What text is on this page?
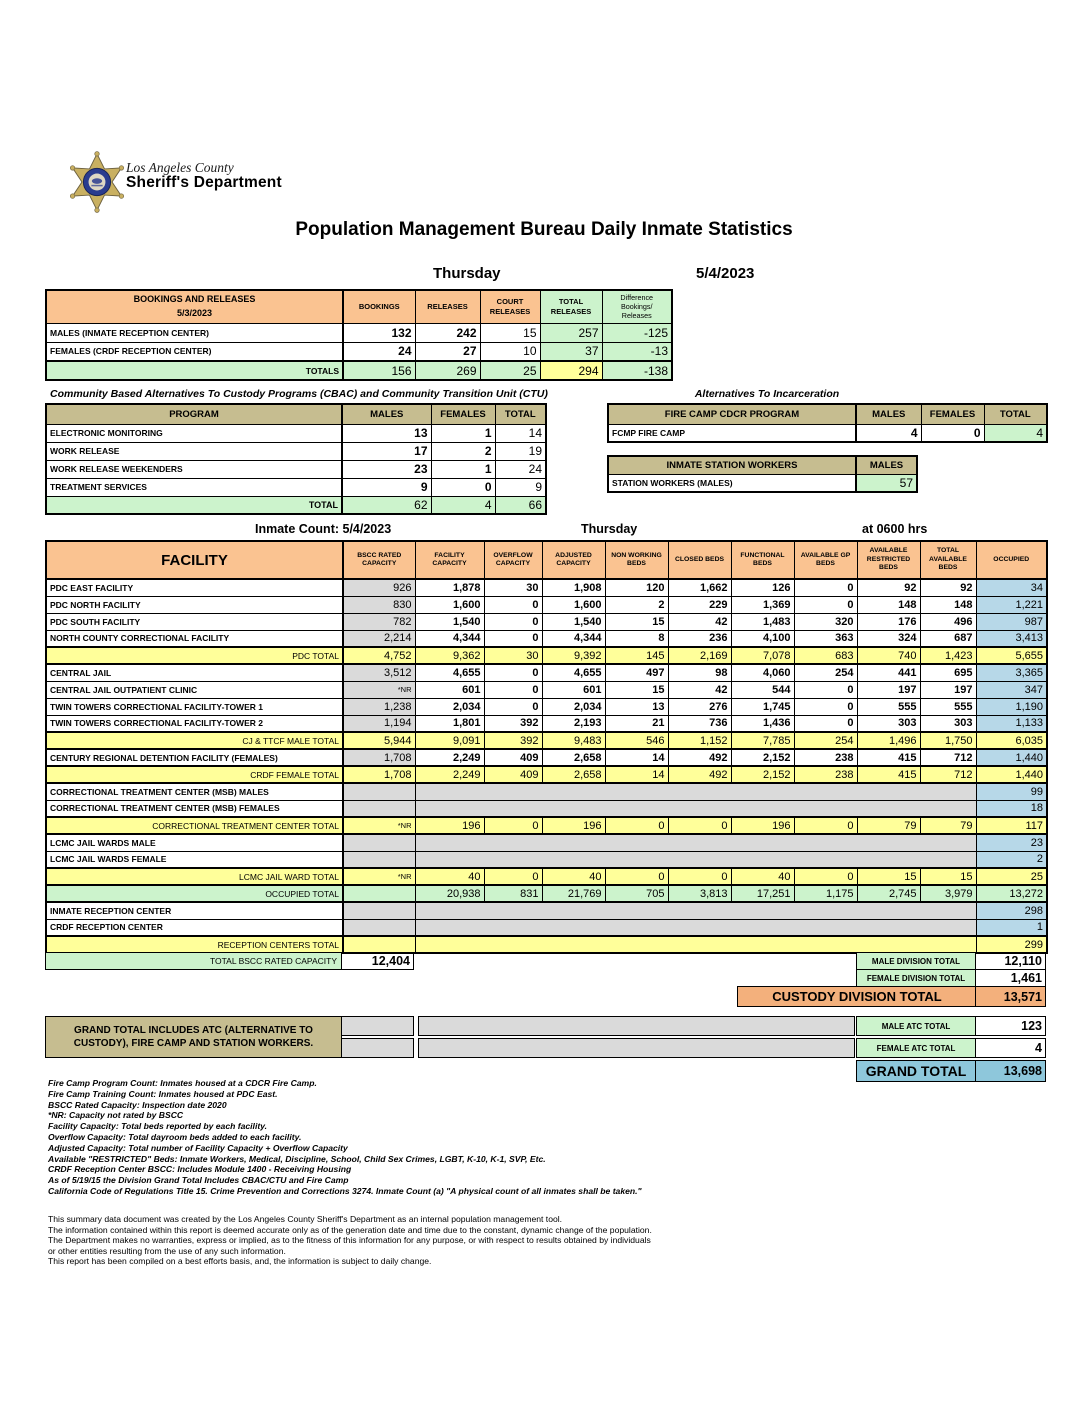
Los Angeles County
Sheriff's Department
Population Management Bureau Daily Inmate Statistics
Thursday	5/4/2023
BOOKINGS AND RELEASES
5/3/2023	BOOKINGS	RELEASES	COURT RELEASES	TOTAL RELEASES	Difference Bookings/ Releases
MALES (INMATE RECEPTION CENTER)	132	242	15	257	-125
FEMALES (CRDF RECEPTION CENTER)	24	27	10	37	-13
TOTALS	156	269	25	294	-138
Community Based Alternatives To Custody Programs (CBAC) and Community Transition Unit (CTU)
PROGRAM	MALES	FEMALES	TOTAL
ELECTRONIC MONITORING	13	1	14
WORK RELEASE	17	2	19
WORK RELEASE WEEKENDERS	23	1	24
TREATMENT SERVICES	9	0	9
TOTAL	62	4	66
Alternatives To Incarceration
FIRE CAMP CDCR PROGRAM	MALES	FEMALES	TOTAL
FCMP FIRE CAMP	4	0	4
INMATE STATION WORKERS	MALES
STATION WORKERS (MALES)	57
Inmate Count: 5/4/2023	Thursday	at 0600 hrs
FACILITY	BSCC RATED CAPACITY	FACILITY CAPACITY	OVERFLOW CAPACITY	ADJUSTED CAPACITY	NON WORKING BEDS	CLOSED BEDS	FUNCTIONAL BEDS	AVAILABLE GP BEDS	AVAILABLE RESTRICTED BEDS	TOTAL AVAILABLE BEDS	OCCUPIED
PDC EAST FACILITY	926	1,878	30	1,908	120	1,662	126	0	92	92	34
PDC NORTH FACILITY	830	1,600	0	1,600	2	229	1,369	0	148	148	1,221
PDC SOUTH FACILITY	782	1,540	0	1,540	15	42	1,483	320	176	496	987
NORTH COUNTY CORRECTIONAL FACILITY	2,214	4,344	0	4,344	8	236	4,100	363	324	687	3,413
PDC TOTAL	4,752	9,362	30	9,392	145	2,169	7,078	683	740	1,423	5,655
CENTRAL JAIL	3,512	4,655	0	4,655	497	98	4,060	254	441	695	3,365
CENTRAL JAIL OUTPATIENT CLINIC	*NR	601	0	601	15	42	544	0	197	197	347
TWIN TOWERS CORRECTIONAL FACILITY-TOWER 1	1,238	2,034	0	2,034	13	276	1,745	0	555	555	1,190
TWIN TOWERS CORRECTIONAL FACILITY-TOWER 2	1,194	1,801	392	2,193	21	736	1,436	0	303	303	1,133
CJ & TTCF MALE TOTAL	5,944	9,091	392	9,483	546	1,152	7,785	254	1,496	1,750	6,035
CENTURY REGIONAL DETENTION FACILITY (FEMALES)	1,708	2,249	409	2,658	14	492	2,152	238	415	712	1,440
CRDF FEMALE TOTAL	1,708	2,249	409	2,658	14	492	2,152	238	415	712	1,440
CORRECTIONAL TREATMENT CENTER (MSB) MALES											99
CORRECTIONAL TREATMENT CENTER (MSB) FEMALES											18
CORRECTIONAL TREATMENT CENTER TOTAL	*NR	196	0	196	0	0	196	0	79	79	117
LCMC JAIL WARDS MALE											23
LCMC JAIL WARDS FEMALE											2
LCMC JAIL WARD TOTAL	*NR	40	0	40	0	0	40	0	15	15	25
OCCUPIED TOTAL		20,938	831	21,769	705	3,813	17,251	1,175	2,745	3,979	13,272
INMATE RECEPTION CENTER											298
CRDF RECEPTION CENTER											1
RECEPTION CENTERS TOTAL											299
TOTAL BSCC RATED CAPACITY	12,404	MALE DIVISION TOTAL	12,110
FEMALE DIVISION TOTAL	1,461
CUSTODY DIVISION TOTAL	13,571
GRAND TOTAL INCLUDES ATC (ALTERNATIVE TO
CUSTODY), FIRE CAMP AND STATION WORKERS.
MALE ATC TOTAL	123
FEMALE ATC TOTAL	4
GRAND TOTAL	13,698
Fire Camp Program Count: Inmates housed at a CDCR Fire Camp.
Fire Camp Training Count: Inmates housed at PDC East.
BSCC Rated Capacity: Inspection date 2020
*NR: Capacity not rated by BSCC
Facility Capacity: Total beds reported by each facility.
Overflow Capacity: Total dayroom beds added to each facility.
Adjusted Capacity: Total number of Facility Capacity + Overflow Capacity
Available "RESTRICTED" Beds: Inmate Workers, Medical, Discipline, School, Child Sex Crimes, LGBT, K-10, K-1, SVP, Etc.
CRDF Reception Center BSCC: Includes Module 1400 - Receiving Housing
As of 5/19/15 the Division Grand Total Includes CBAC/CTU and Fire Camp
California Code of Regulations Title 15. Crime Prevention and Corrections 3274. Inmate Count (a) "A physical count of all inmates shall be taken."
This summary data document was created by the Los Angeles County Sheriff's Department as an internal population management tool.
The information contained within this report is deemed accurate only as of the generation date and time due to the constant, dynamic change of the population.
The Department makes no warranties, express or implied, as to the fitness of this information for any purpose, or with respect to results obtained by individuals
or other entities resulting from the use of any such information.
This report has been compiled on a best efforts basis, and, the information is subject to daily change.
